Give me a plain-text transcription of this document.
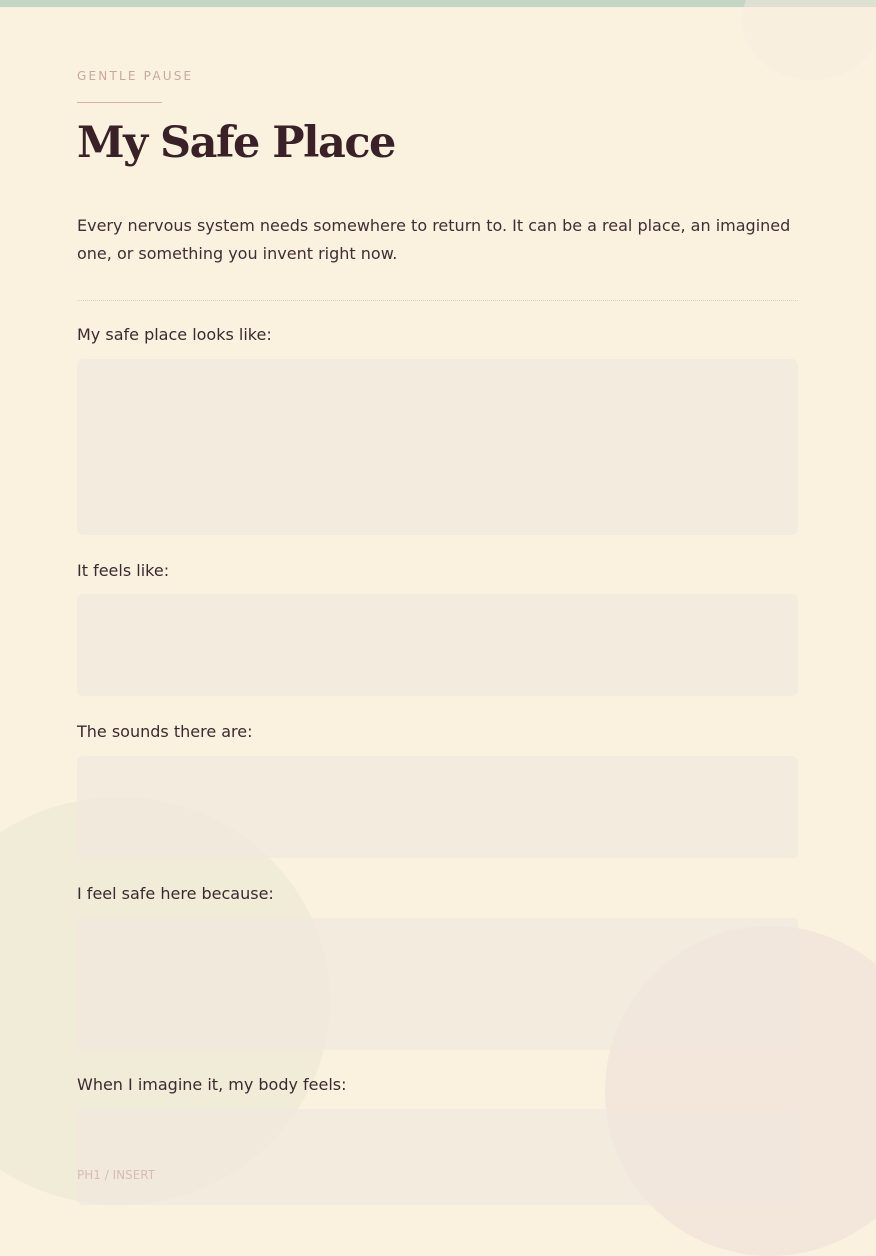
GENTLE PAUSE
My Safe Place
Every nervous system needs somewhere to return to. It can be a real place, an imagined one, or something you invent right now.
My safe place looks like:
It feels like:
The sounds there are:
I feel safe here because:
When I imagine it, my body feels:
PH1 / INSERT
